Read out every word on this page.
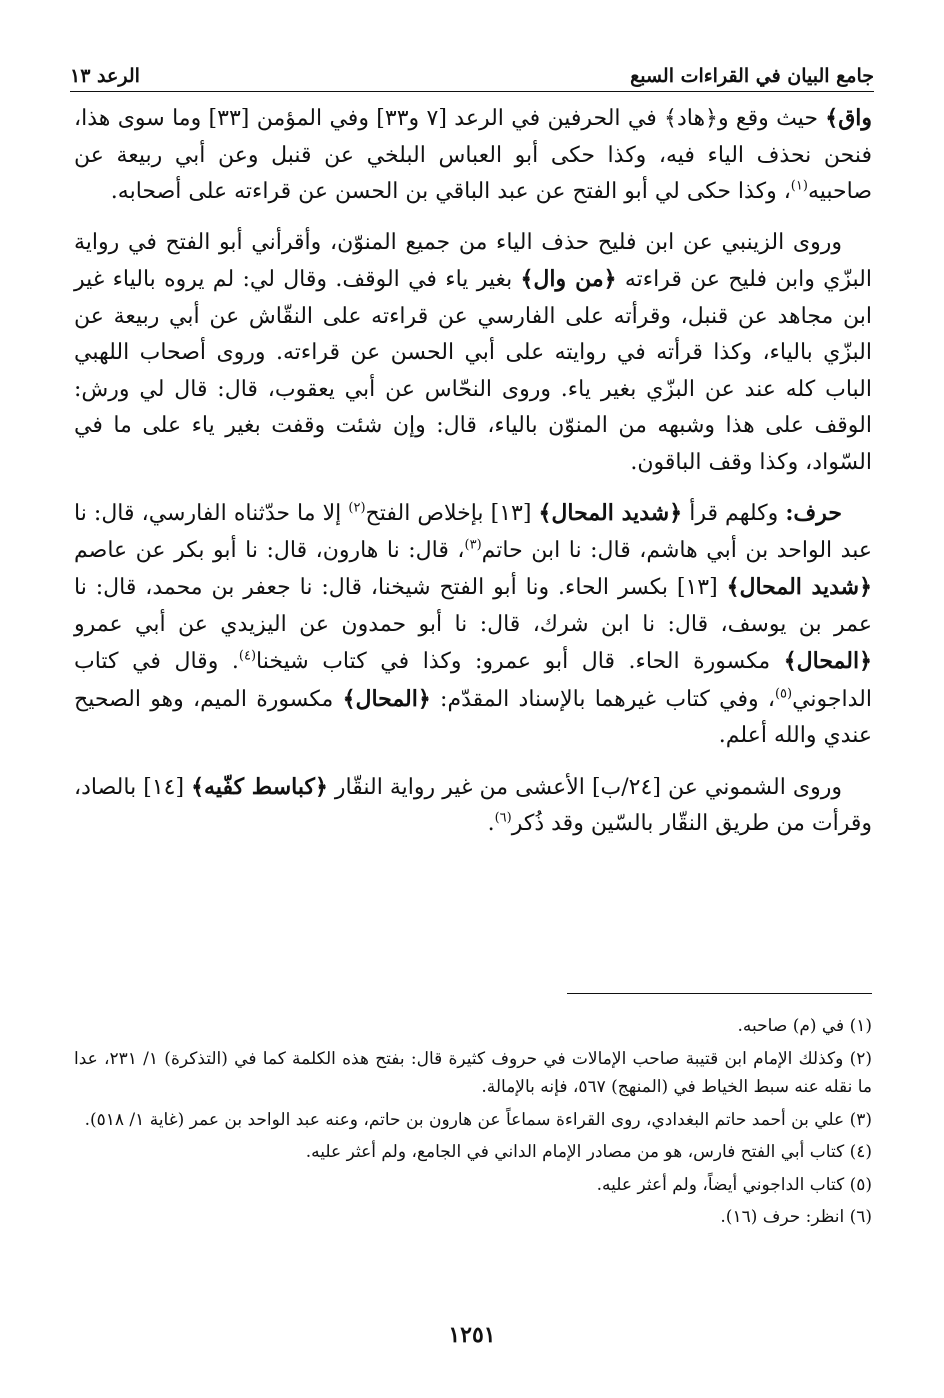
جامع البيان في القراءات السبع
الرعد ١٣

واق﴾ حيث وقع و﴿هاد﴾ في الحرفين في الرعد [٧ و٣٣] وفي المؤمن [٣٣] وما سوى هذا، فنحن نحذف الياء فيه، وكذا حكى أبو العباس البلخي عن قنبل وعن أبي ربيعة عن صاحبيه$^{(١)}$، وكذا حكى لي أبو الفتح عن عبد الباقي بن الحسن عن قراءته على أصحابه.

وروى الزينبي عن ابن فليح حذف الياء من جميع المنوّن، وأقرأني أبو الفتح في رواية البزّي وابن فليح عن قراءته ﴿من وال﴾ بغير ياء في الوقف. وقال لي: لم يروه بالياء غير ابن مجاهد عن قنبل، وقرأته على الفارسي عن قراءته على النقّاش عن أبي ربيعة عن البزّي بالياء، وكذا قرأته في روايته على أبي الحسن عن قراءته. وروى أصحاب اللهبي الباب كله عند عن البزّي بغير ياء. وروى النحّاس عن أبي يعقوب، قال: قال لي ورش: الوقف على هذا وشبهه من المنوّن بالياء، قال: وإن شئت وقفت بغير ياء على ما في السّواد، وكذا وقف الباقون.

حرف: وكلهم قرأ ﴿شديد المحال﴾ [١٣] بإخلاص الفتح$^{(٢)}$ إلا ما حدّثناه الفارسي، قال: نا عبد الواحد بن أبي هاشم، قال: نا ابن حاتم$^{(٣)}$، قال: نا هارون، قال: نا أبو بكر عن عاصم ﴿شديد المحال﴾ [١٣] بكسر الحاء. ونا أبو الفتح شيخنا، قال: نا جعفر بن محمد، قال: نا عمر بن يوسف، قال: نا ابن شرك، قال: نا أبو حمدون عن اليزيدي عن أبي عمرو ﴿المحال﴾ مكسورة الحاء. قال أبو عمرو: وكذا في كتاب شيخنا$^{(٤)}$. وقال في كتاب الداجوني$^{(٥)}$، وفي كتاب غيرهما بالإسناد المقدّم: ﴿المحال﴾ مكسورة الميم، وهو الصحيح عندي والله أعلم.

وروى الشموني عن [٢٤/ب] الأعشى من غير رواية النقّار ﴿كباسط كفّيه﴾ [١٤] بالصاد، وقرأت من طريق النقّار بالسّين وقد ذُكر$^{(٦)}$.

(١) في (م) صاحبه.

(٢) وكذلك الإمام ابن قتيبة صاحب الإمالات في حروف كثيرة قال: بفتح هذه الكلمة كما في (التذكرة) ١/ ٢٣١، عدا ما نقله عنه سبط الخياط في (المنهج) ٥٦٧، فإنه بالإمالة.

(٣) علي بن أحمد حاتم البغدادي، روى القراءة سماعاً عن هارون بن حاتم، وعنه عبد الواحد بن عمر (غاية ١/ ٥١٨).

(٤) كتاب أبي الفتح فارس، هو من مصادر الإمام الداني في الجامع، ولم أعثر عليه.

(٥) كتاب الداجوني أيضاً، ولم أعثر عليه.

(٦) انظر: حرف (١٦).

١٢٥١
